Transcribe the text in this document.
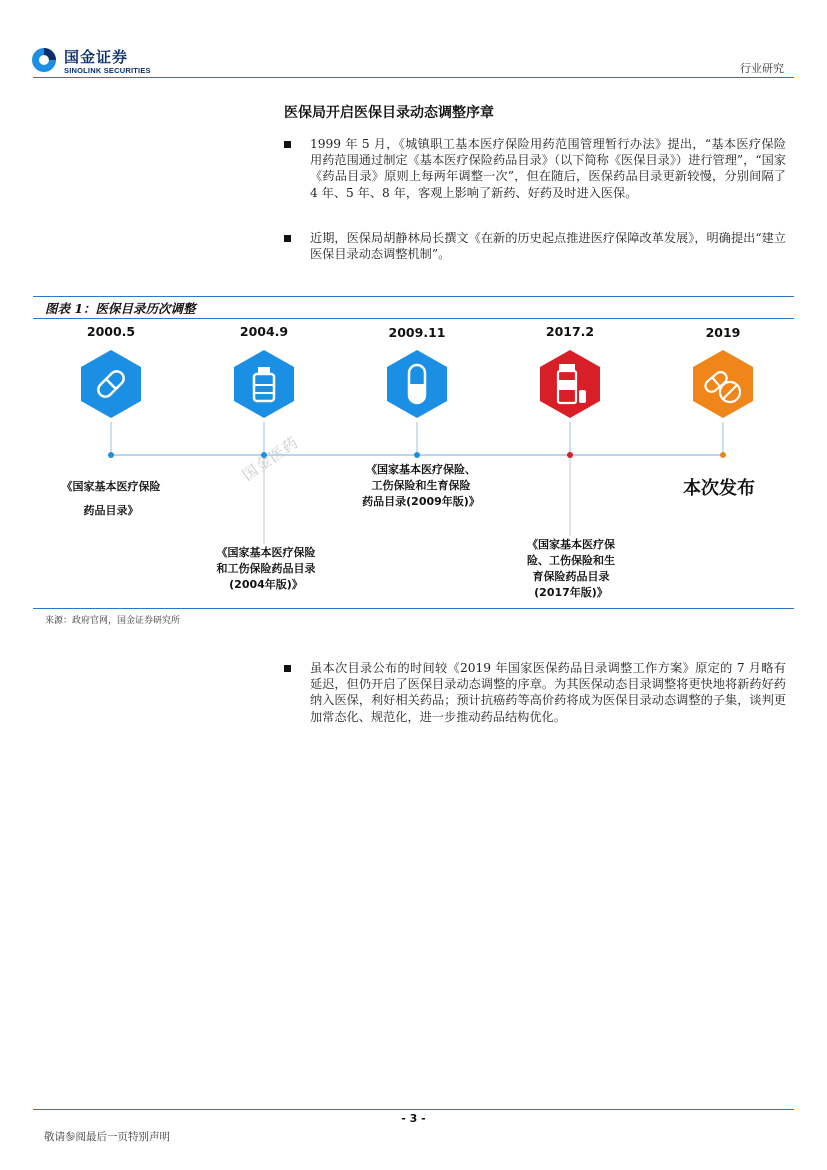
国金证券
SINOLINK SECURITIES	行业研究
医保局开启医保目录动态调整序章
1999 年 5 月，《城镇职工基本医疗保险用药范围管理暂行办法》提出，“基本医疗保险用药范围通过制定《基本医疗保险药品目录》（以下简称《医保目录》）进行管理”，“国家《药品目录》原则上每两年调整一次”，但在随后，医保药品目录更新较慢，分别间隔了 4 年、5 年、8 年，客观上影响了新药、好药及时进入医保。
近期，医保局胡静林局长撰文《在新的历史起点推进医疗保障改革发展》，明确提出“建立医保目录动态调整机制”。
图表 1：医保目录历次调整
2000.5	2004.9	2009.11	2017.2	2019
《国家基本医疗保险
药品目录》
《国家基本医疗保险
和工伤保险药品目录
(2004年版)》
《国家基本医疗保险、
工伤保险和生育保险
药品目录(2009年版)》
《国家基本医疗保
险、工伤保险和生
育保险药品目录
(2017年版)》
本次发布
国金医药
来源：政府官网，国金证券研究所
虽本次目录公布的时间较《2019 年国家医保药品目录调整工作方案》原定的 7 月略有延迟，但仍开启了医保目录动态调整的序章。为其医保动态目录调整将更快地将新药好药纳入医保，利好相关药品；预计抗癌药等高价药将成为医保目录动态调整的子集，谈判更加常态化、规范化，进一步推动药品结构优化。
- 3 -
敬请参阅最后一页特别声明
